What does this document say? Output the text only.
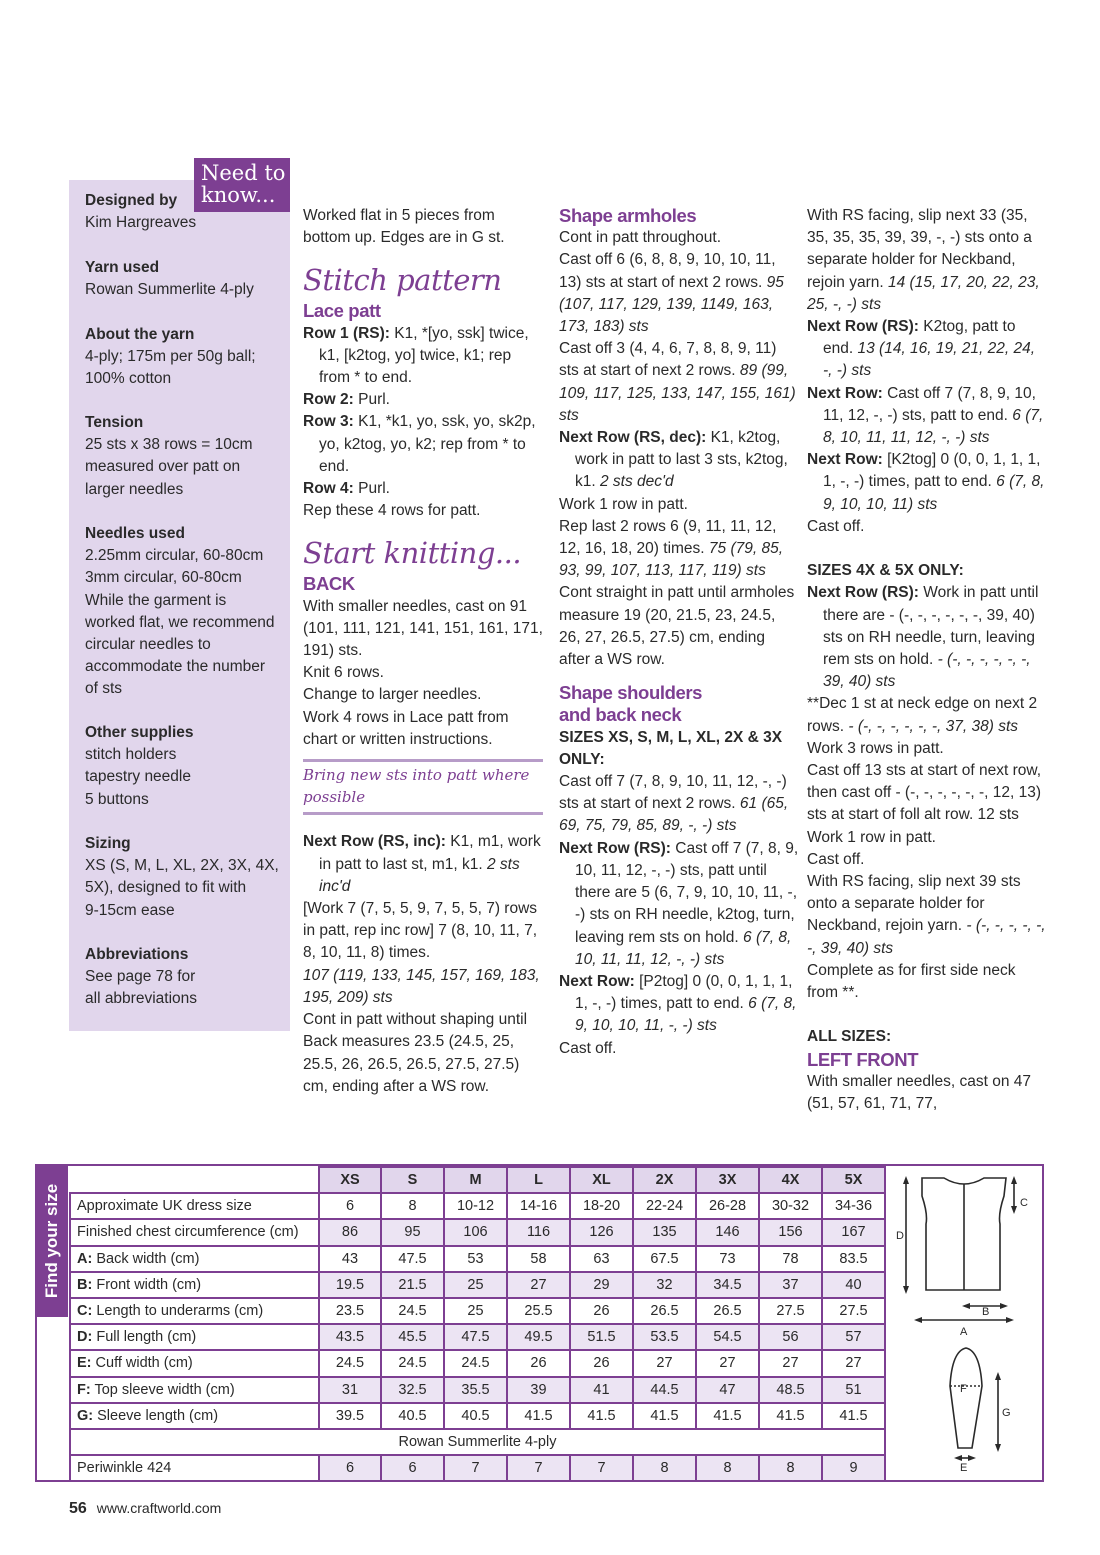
Need to
know...
Designed by
Kim Hargreaves
Yarn used
Rowan Summerlite 4-ply
About the yarn
4-ply; 175m per 50g ball;
100% cotton
Tension
25 sts x 38 rows = 10cm
measured over patt on
larger needles
Needles used
2.25mm circular, 60-80cm
3mm circular, 60-80cm
While the garment is
worked flat, we recommend
circular needles to
accommodate the number
of sts
Other supplies
stitch holders
tapestry needle
5 buttons
Sizing
XS (S, M, L, XL, 2X, 3X, 4X,
5X), designed to fit with
9-15cm ease
Abbreviations
See page 78 for
all abbreviations

Worked flat in 5 pieces from bottom up. Edges are in G st.

Stitch pattern
Lace patt

Row 1 (RS): K1, *[yo, ssk] twice, k1, [k2tog, yo] twice, k1; rep from * to end.

Row 2: Purl.

Row 3: K1, *k1, yo, ssk, yo, sk2p, yo, k2tog, yo, k2; rep from * to end.

Row 4: Purl.

Rep these 4 rows for patt.

Start knitting...
BACK

With smaller needles, cast on 91 (101, 111, 121, 141, 151, 161, 171, 191) sts.

Knit 6 rows.

Change to larger needles.

Work 4 rows in Lace patt from chart or written instructions.

Bring new sts into patt where possible

Next Row (RS, inc): K1, m1, work in patt to last st, m1, k1. 2 sts inc'd

[Work 7 (7, 5, 5, 9, 7, 5, 5, 7) rows in patt, rep inc row] 7 (8, 10, 11, 7, 8, 10, 11, 8) times.

107 (119, 133, 145, 157, 169, 183, 195, 209) sts

Cont in patt without shaping until Back measures 23.5 (24.5, 25, 25.5, 26, 26.5, 26.5, 27.5, 27.5) cm, ending after a WS row.

Shape armholes

Cont in patt throughout.

Cast off 6 (6, 8, 8, 9, 10, 10, 11, 13) sts at start of next 2 rows. 95 (107, 117, 129, 139, 1149, 163, 173, 183) sts

Cast off 3 (4, 4, 6, 7, 8, 8, 9, 11) sts at start of next 2 rows. 89 (99, 109, 117, 125, 133, 147, 155, 161) sts

Next Row (RS, dec): K1, k2tog, work in patt to last 3 sts, k2tog, k1. 2 sts dec'd

Work 1 row in patt.

Rep last 2 rows 6 (9, 11, 11, 12, 12, 16, 18, 20) times. 75 (79, 85, 93, 99, 107, 113, 117, 119) sts

Cont straight in patt until armholes measure 19 (20, 21.5, 23, 24.5, 26, 27, 26.5, 27.5) cm, ending after a WS row.

Shape shoulders
and back neck

SIZES XS, S, M, L, XL, 2X & 3X ONLY:

Cast off 7 (7, 8, 9, 10, 11, 12, -, -) sts at start of next 2 rows. 61 (65, 69, 75, 79, 85, 89, -, -) sts

Next Row (RS): Cast off 7 (7, 8, 9, 10, 11, 12, -, -) sts, patt until there are 5 (6, 7, 9, 10, 10, 11, -, -) sts on RH needle, k2tog, turn, leaving rem sts on hold. 6 (7, 8, 10, 11, 11, 12, -, -) sts

Next Row: [P2tog] 0 (0, 0, 1, 1, 1, 1, -, -) times, patt to end. 6 (7, 8, 9, 10, 10, 11, -, -) sts

Cast off.

With RS facing, slip next 33 (35, 35, 35, 35, 39, 39, -, -) sts onto a separate holder for Neckband, rejoin yarn. 14 (15, 17, 20, 22, 23, 25, -, -) sts

Next Row (RS): K2tog, patt to end. 13 (14, 16, 19, 21, 22, 24, -, -) sts

Next Row: Cast off 7 (7, 8, 9, 10, 11, 12, -, -) sts, patt to end. 6 (7, 8, 10, 11, 11, 12, -, -) sts

Next Row: [K2tog] 0 (0, 0, 1, 1, 1, 1, -, -) times, patt to end. 6 (7, 8, 9, 10, 10, 11) sts

Cast off.

SIZES 4X & 5X ONLY:

Next Row (RS): Work in patt until there are - (-, -, -, -, -, -, 39, 40) sts on RH needle, turn, leaving rem sts on hold. - (-, -, -, -, -, -, 39, 40) sts

**Dec 1 st at neck edge on next 2 rows. - (-, -, -, -, -, -, 37, 38) sts

Work 3 rows in patt.

Cast off 13 sts at start of next row, then cast off - (-, -, -, -, -, -, 12, 13) sts at start of foll alt row. 12 sts

Work 1 row in patt.

Cast off.

With RS facing, slip next 39 sts onto a separate holder for Neckband, rejoin yarn. - (-, -, -, -, -, -, 39, 40) sts

Complete as for first side neck from **.

ALL SIZES:

LEFT FRONT

With smaller needles, cast on 47 (51, 57, 61, 71, 77,

Find your size
	XS	S	M	L	XL	2X	3X	4X	5X
Approximate UK dress size	6	8	10-12	14-16	18-20	22-24	26-28	30-32	34-36
Finished chest circumference (cm)	86	95	106	116	126	135	146	156	167
A: Back width (cm)	43	47.5	53	58	63	67.5	73	78	83.5
B: Front width (cm)	19.5	21.5	25	27	29	32	34.5	37	40
C: Length to underarms (cm)	23.5	24.5	25	25.5	26	26.5	26.5	27.5	27.5
D: Full length (cm)	43.5	45.5	47.5	49.5	51.5	53.5	54.5	56	57
E: Cuff width (cm)	24.5	24.5	24.5	26	26	27	27	27	27
F: Top sleeve width (cm)	31	32.5	35.5	39	41	44.5	47	48.5	51
G: Sleeve length (cm)	39.5	40.5	40.5	41.5	41.5	41.5	41.5	41.5	41.5
Rowan Summerlite 4-ply									
Periwinkle 424	6	6	7	7	7	8	8	8	9
D
C
B
A
F
G
E
56 www.craftworld.com
